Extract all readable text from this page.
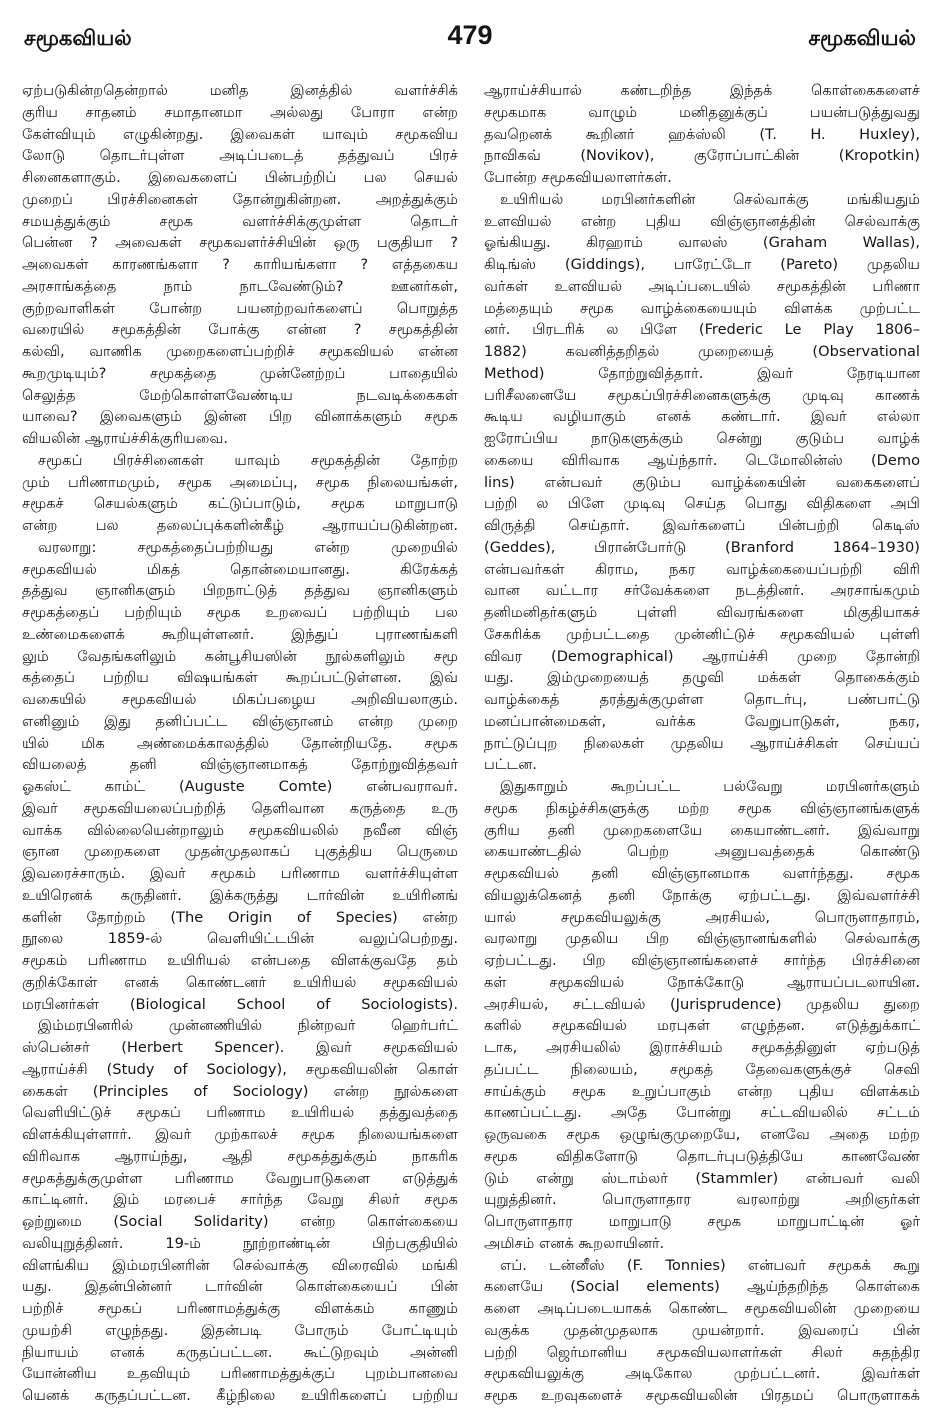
சமூகவியல்	479	சமூகவியல்
ஏற்படுகின்றதென்றால் மனித இனத்தில் வளர்ச்சிக்
குரிய சாதனம் சமாதானமா அல்லது போரா என்ற
கேள்வியும் எழுகின்றது. இவைகள் யாவும் சமூகவிய
லோடு தொடர்புள்ள அடிப்படைத் தத்துவப் பிரச்
சினைகளாகும். இவைகளைப் பின்பற்றிப் பல செயல்
முறைப் பிரச்சினைகள் தோன்றுகின்றன. அறத்துக்கும்
சமயத்துக்கும் சமூக வளர்ச்சிக்குமுள்ள தொடர்
பென்ன ? அவைகள் சமூகவளர்ச்சியின் ஒரு பகுதியா ?
அவைகள் காரணங்களா ? காரியங்களா ? எத்தகைய
அரசாங்கத்தை நாம் நாடவேண்டும்? ஊனர்கள்,
குற்றவாளிகள் போன்ற பயனற்றவர்களைப் பொறுத்த
வரையில் சமூகத்தின் போக்கு என்ன ? சமூகத்தின்
கல்வி, வாணிக முறைகளைப்பற்றிச் சமூகவியல் என்ன
கூறமுடியும்? சமூகத்தை முன்னேற்றப் பாதையில்
செலுத்த மேற்கொள்ளவேண்டிய நடவடிக்கைகள்
யாவை? இவைகளும் இன்ன பிற வினாக்களும் சமூக
வியலின் ஆராய்ச்சிக்குரியவை.
சமூகப் பிரச்சினைகள் யாவும் சமூகத்தின் தோற்ற
மும் பரிணாமமும், சமூக அமைப்பு, சமூக நிலையங்கள்,
சமூகச் செயல்களும் கட்டுப்பாடும், சமூக மாறுபாடு
என்ற பல தலைப்புக்களின்கீழ் ஆராயப்படுகின்றன.
வரலாறு: சமூகத்தைப்பற்றியது என்ற முறையில்
சமூகவியல் மிகத் தொன்மையானது. கிரேக்கத்
தத்துவ ஞானிகளும் பிறநாட்டுத் தத்துவ ஞானிகளும்
சமூகத்தைப் பற்றியும் சமூக உறவைப் பற்றியும் பல
உண்மைகளைக் கூறியுள்ளனர். இந்துப் புராணங்களி
லும் வேதங்களிலும் கன்பூசியஸின் நூல்களிலும் சமூ
கத்தைப் பற்றிய விஷயங்கள் கூறப்பட்டுள்ளன. இவ்
வகையில் சமூகவியல் மிகப்பழைய அறிவியலாகும்.
எனினும் இது தனிப்பட்ட விஞ்ஞானம் என்ற முறை
யில் மிக அண்மைக்காலத்தில் தோன்றியதே. சமூக
வியலைத் தனி விஞ்ஞானமாகத் தோற்றுவித்தவர்
ஓகஸ்ட் காம்ட் (Auguste Comte) என்பவராவர்.
இவர் சமூகவியலைப்பற்றித் தெளிவான கருத்தை உரு
வாக்க வில்லையென்றாலும் சமூகவியலில் நவீன விஞ்
ஞான முறைகளை முதன்முதலாகப் புகுத்திய பெருமை
இவரைச்சாரும். இவர் சமூகம் பரிணாம வளர்ச்சியுள்ள
உயிரெனக் கருதினர். இக்கருத்து டார்வின் உயிரினங்
களின் தோற்றம் (The Origin of Species) என்ற
நூலை 1859-ல் வெளியிட்டபின் வலுப்பெற்றது.
சமூகம் பரிணாம உயிரியல் என்பதை விளக்குவதே தம்
குறிக்கோள் எனக் கொண்டனர் உயிரியல் சமூகவியல்
மரபினர்கள் (Biological School of Sociologists).
இம்மரபினரில் முன்னணியில் நின்றவர் ஹெர்பர்ட்
ஸ்பென்சர் (Herbert Spencer). இவர் சமூகவியல்
ஆராய்ச்சி (Study of Sociology), சமூகவியலின் கொள்
கைகள் (Principles of Sociology) என்ற நூல்களை
வெளியிட்டுச் சமூகப் பரிணாம உயிரியல் தத்துவத்தை
விளக்கியுள்ளார். இவர் முற்காலச் சமூக நிலையங்களை
விரிவாக ஆராய்ந்து, ஆதி சமூகத்துக்கும் நாகரிக
சமூகத்துக்குமுள்ள பரிணாம வேறுபாடுகளை எடுத்துக்
காட்டினர். இம் மரபைச் சார்ந்த வேறு சிலர் சமூக
ஒற்றுமை (Social Solidarity) என்ற கொள்கையை
வலியுறுத்தினர். 19-ம் நூற்றாண்டின் பிற்பகுதியில்
விளங்கிய இம்மரபினரின் செல்வாக்கு விரைவில் மங்கி
யது. இதன்பின்னர் டார்வின் கொள்கையைப் பின்
பற்றிச் சமூகப் பரிணாமத்துக்கு விளக்கம் காணும்
முயற்சி எழுந்தது. இதன்படி போரும் போட்டியும்
நியாயம் எனக் கருதப்பட்டன. கூட்டுறவும் அன்னி
யோன்னிய உதவியும் பரிணாமத்துக்குப் புறம்பானவை
யெனக் கருதப்பட்டன. கீழ்நிலை உயிரிகளைப் பற்றிய
ஆராய்ச்சியால் கண்டறிந்த இந்தக் கொள்கைகளைச்
சமூகமாக வாழும் மனிதனுக்குப் பயன்படுத்துவது
தவறெனக் கூறினர் ஹக்ஸ்லி (T. H. Huxley),
நாவிகவ் (Novikov), குரோப்பாட்கின் (Kropotkin)
போன்ற சமூகவியலாளர்கள்.
உயிரியல் மரபினர்களின் செல்வாக்கு மங்கியதும்
உளவியல் என்ற புதிய விஞ்ஞானத்தின் செல்வாக்கு
ஓங்கியது. கிரஹாம் வாலஸ் (Graham Wallas),
கிடிங்ஸ் (Giddings), பாரேட்டோ (Pareto) முதலிய
வர்கள் உளவியல் அடிப்படையில் சமூகத்தின் பரிணா
மத்தையும் சமூக வாழ்க்கையையும் விளக்க முற்பட்ட
னர். பிரடரிக் ல பிளே (Frederic Le Play 1806–
1882) கவனித்தறிதல் முறையைத் (Observational
Method) தோற்றுவித்தார். இவர் நேரடியான
பரிசீலனையே சமூகப்பிரச்சினைகளுக்கு முடிவு காணக்
கூடிய வழியாகும் எனக் கண்டார். இவர் எல்லா
ஐரோப்பிய நாடுகளுக்கும் சென்று குடும்ப வாழ்க்
கையை விரிவாக ஆய்ந்தார். டெமோலின்ஸ் (Demo
lins) என்பவர் குடும்ப வாழ்க்கையின் வகைகளைப்
பற்றி ல பிளே முடிவு செய்த பொது விதிகளை அபி
விருத்தி செய்தார். இவர்களைப் பின்பற்றி கெடிஸ்
(Geddes), பிரான்போர்டு (Branford 1864–1930)
என்பவர்கள் கிராம, நகர வாழ்க்கையைப்பற்றி விரி
வான வட்டார சர்வேக்களை நடத்தினர். அரசாங்கமும்
தனிமனிதர்களும் புள்ளி விவரங்களை மிகுதியாகச்
சேகரிக்க முற்பட்டதை முன்னிட்டுச் சமூகவியல் புள்ளி
விவர (Demographical) ஆராய்ச்சி முறை தோன்றி
யது. இம்முறையைத் தழுவி மக்கள் தொகைக்கும்
வாழ்க்கைத் தரத்துக்குமுள்ள தொடர்பு, பண்பாட்டு
மனப்பான்மைகள், வர்க்க வேறுபாடுகள், நகர,
நாட்டுப்புற நிலைகள் முதலிய ஆராய்ச்சிகள் செய்யப்
பட்டன.
இதுகாறும் கூறப்பட்ட பல்வேறு மரபினர்களும்
சமூக நிகழ்ச்சிகளுக்கு மற்ற சமூக விஞ்ஞானங்களுக்
குரிய தனி முறைகளையே கையாண்டனர். இவ்வாறு
கையாண்டதில் பெற்ற அனுபவத்தைக் கொண்டு
சமூகவியல் தனி விஞ்ஞானமாக வளர்ந்தது. சமூக
வியலுக்கெனத் தனி நோக்கு ஏற்பட்டது. இவ்வளர்ச்சி
யால் சமூகவியலுக்கு அரசியல், பொருளாதாரம்,
வரலாறு முதலிய பிற விஞ்ஞானங்களில் செல்வாக்கு
ஏற்பட்டது. பிற விஞ்ஞானங்களைச் சார்ந்த பிரச்சினை
கள் சமூகவியல் நோக்கோடு ஆராயப்படலாயின.
அரசியல், சட்டவியல் (Jurisprudence) முதலிய துறை
களில் சமூகவியல் மரபுகள் எழுந்தன. எடுத்துக்காட்
டாக, அரசியலில் இராச்சியம் சமூகத்தினுள் ஏற்படுத்
தப்பட்ட நிலையம், சமூகத் தேவைகளுக்குச் செவி
சாய்க்கும் சமூக உறுப்பாகும் என்ற புதிய விளக்கம்
காணப்பட்டது. அதே போன்று சட்டவியலில் சட்டம்
ஒருவகை சமூக ஒழுங்குமுறையே, எனவே அதை மற்ற
சமூக விதிகளோடு தொடர்புபடுத்தியே காணவேண்
டும் என்று ஸ்டாம்லர் (Stammler) என்பவர் வலி
யுறுத்தினர். பொருளாதார வரலாற்று அறிஞர்கள்
பொருளாதார மாறுபாடு சமூக மாறுபாட்டின் ஓர்
அமிசம் எனக் கூறலாயினர்.
எப். டன்னீஸ் (F. Tonnies) என்பவர் சமூகக் கூறு
களையே (Social elements) ஆய்ந்தறிந்த கொள்கை
களை அடிப்படையாகக் கொண்ட சமூகவியலின் முறையை
வகுக்க முதன்முதலாக முயன்றார். இவரைப் பின்
பற்றி ஜெர்மானிய சமூகவியலாளர்கள் சிலர் சுதந்திர
சமூகவியலுக்கு அடிகோல முற்பட்டனர். இவர்கள்
சமூக உறவுகளைச் சமூகவியலின் பிரதமப் பொருளாகக்
